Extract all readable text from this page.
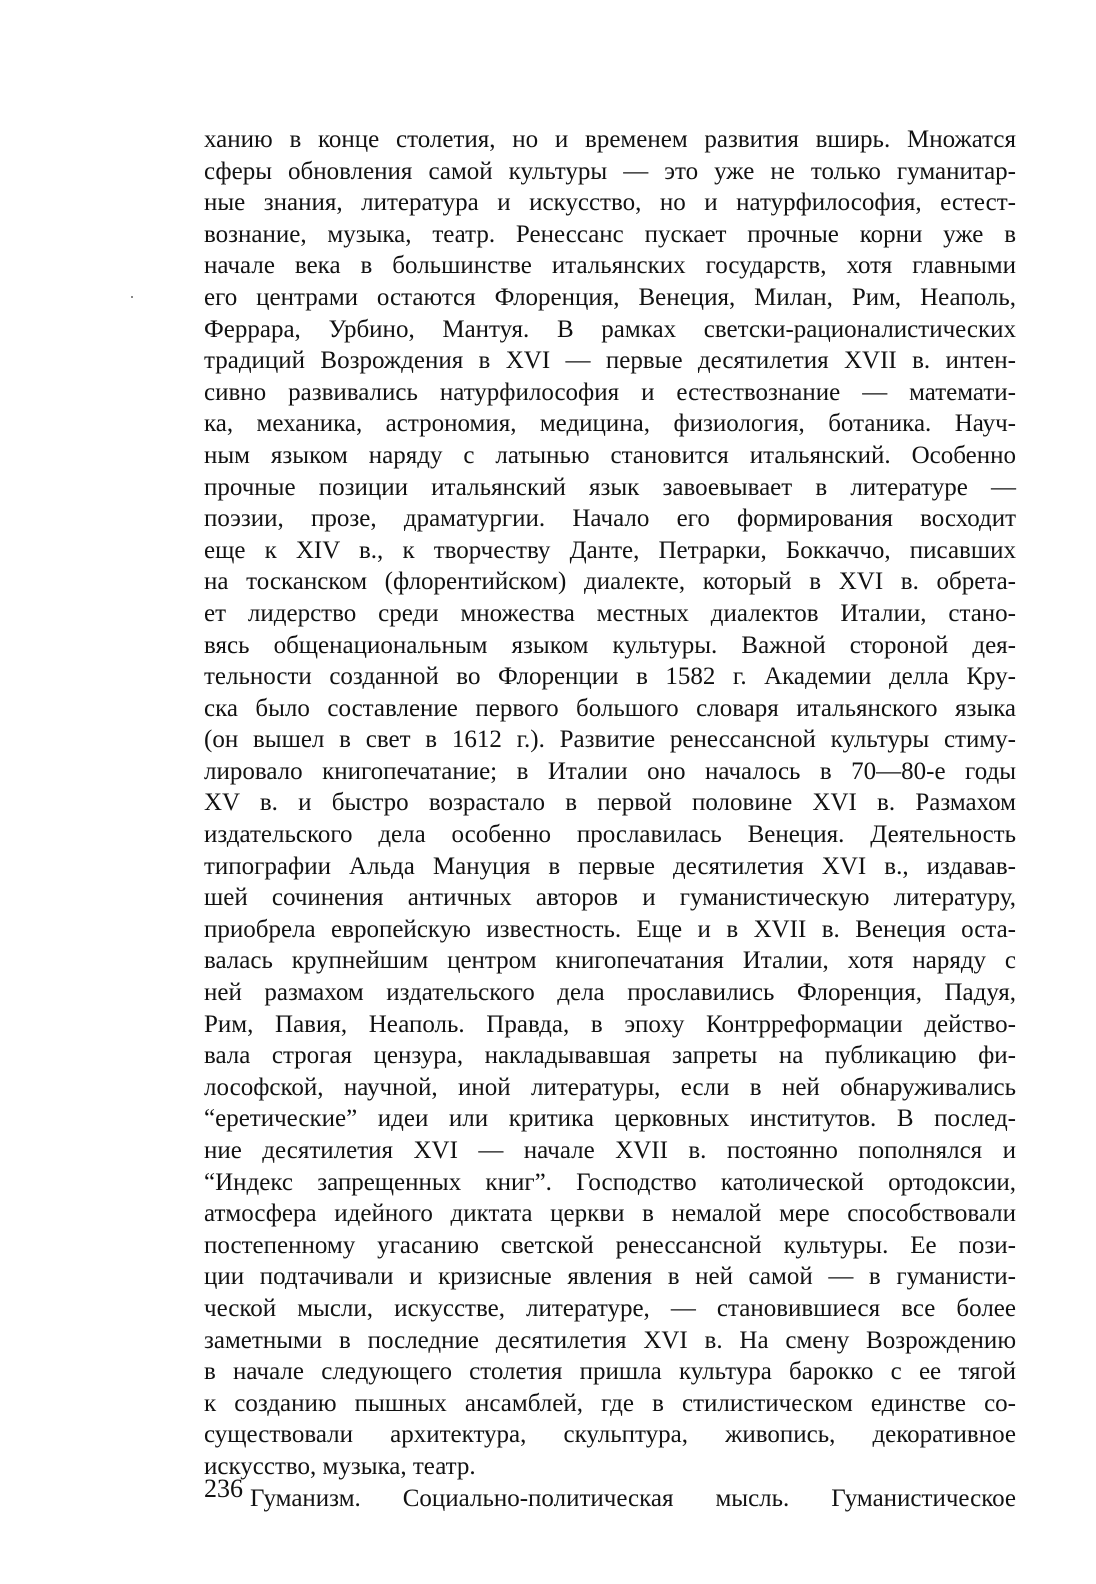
ханию в конце столетия, но и временем развития вширь. Множатся
сферы обновления самой культуры — это уже не только гуманитар-
ные знания, литература и искусство, но и натурфилософия, естест-
вознание, музыка, театр. Ренессанс пускает прочные корни уже в
начале века в большинстве итальянских государств, хотя главными
его центрами остаются Флоренция, Венеция, Милан, Рим, Неаполь,
Феррара, Урбино, Мантуя. В рамках светски-рационалистических
традиций Возрождения в XVI — первые десятилетия XVII в. интен-
сивно развивались натурфилософия и естествознание — математи-
ка, механика, астрономия, медицина, физиология, ботаника. Науч-
ным языком наряду с латынью становится итальянский. Особенно
прочные позиции итальянский язык завоевывает в литературе —
поэзии, прозе, драматургии. Начало его формирования восходит
еще к XIV в., к творчеству Данте, Петрарки, Боккаччо, писавших
на тосканском (флорентийском) диалекте, который в XVI в. обрета-
ет лидерство среди множества местных диалектов Италии, стано-
вясь общенациональным языком культуры. Важной стороной дея-
тельности созданной во Флоренции в 1582 г. Академии делла Кру-
ска было составление первого большого словаря итальянского языка
(он вышел в свет в 1612 г.). Развитие ренессансной культуры стиму-
лировало книгопечатание; в Италии оно началось в 70—80-е годы
XV в. и быстро возрастало в первой половине XVI в. Размахом
издательского дела особенно прославилась Венеция. Деятельность
типографии Альда Мануция в первые десятилетия XVI в., издавав-
шей сочинения античных авторов и гуманистическую литературу,
приобрела европейскую известность. Еще и в XVII в. Венеция оста-
валась крупнейшим центром книгопечатания Италии, хотя наряду с
ней размахом издательского дела прославились Флоренция, Падуя,
Рим, Павия, Неаполь. Правда, в эпоху Контрреформации действо-
вала строгая цензура, накладывавшая запреты на публикацию фи-
лософской, научной, иной литературы, если в ней обнаруживались
“еретические” идеи или критика церковных институтов. В послед-
ние десятилетия XVI — начале XVII в. постоянно пополнялся и
“Индекс запрещенных книг”. Господство католической ортодоксии,
атмосфера идейного диктата церкви в немалой мере способствовали
постепенному угасанию светской ренессансной культуры. Ее пози-
ции подтачивали и кризисные явления в ней самой — в гуманисти-
ческой мысли, искусстве, литературе, — становившиеся все более
заметными в последние десятилетия XVI в. На смену Возрождению
в начале следующего столетия пришла культура барокко с ее тягой
к созданию пышных ансамблей, где в стилистическом единстве со-
существовали архитектура, скульптура, живопись, декоративное
искусство, музыка, театр.
Гуманизм. Социально-политическая мысль. Гуманистическое
236
